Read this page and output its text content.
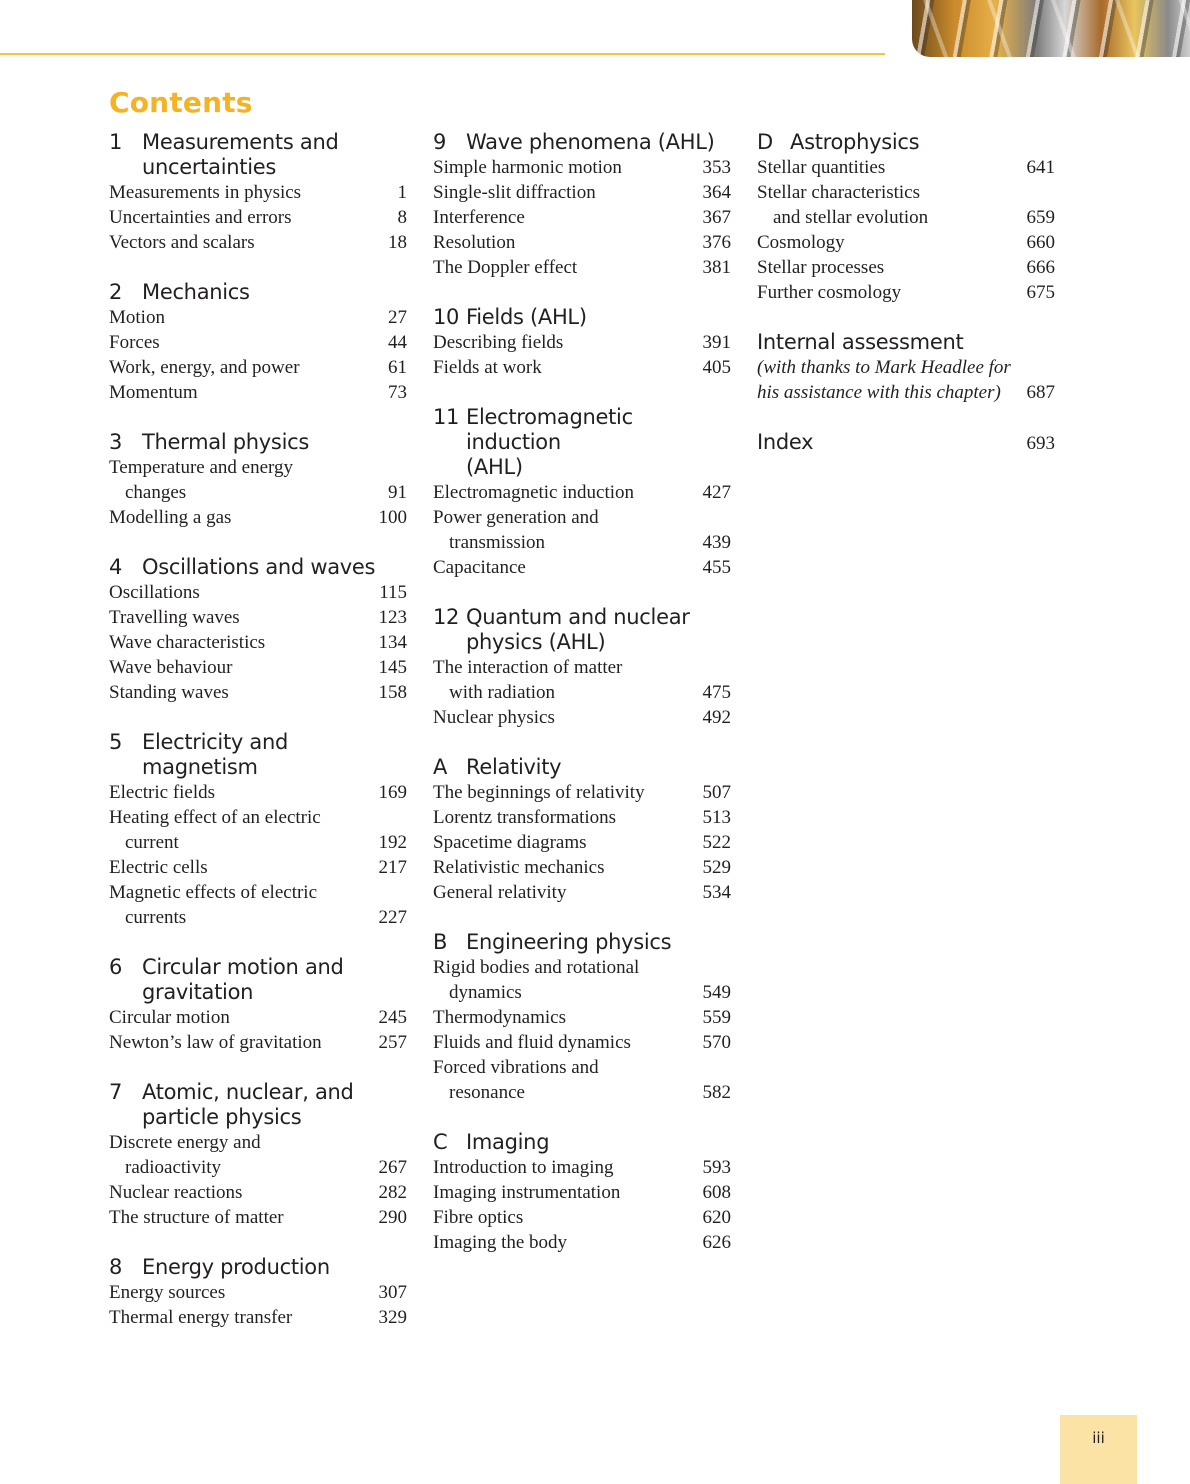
Contents
1 Measurements and
uncertainties
Measurements in physics	1
Uncertainties and errors	8
Vectors and scalars	18
2 Mechanics
Motion	27
Forces	44
Work, energy, and power	61
Momentum	73
3 Thermal physics
Temperature and energy
changes	91
Modelling a gas	100
4 Oscillations and waves
Oscillations	115
Travelling waves	123
Wave characteristics	134
Wave behaviour	145
Standing waves	158
5 Electricity and magnetism
Electric fields	169
Heating effect of an electric
current	192
Electric cells	217
Magnetic effects of electric
currents	227
6 Circular motion and
gravitation
Circular motion	245
Newton’s law of gravitation	257
7 Atomic, nuclear, and
particle physics
Discrete energy and
radioactivity	267
Nuclear reactions	282
The structure of matter	290
8 Energy production
Energy sources	307
Thermal energy transfer	329
9 Wave phenomena (AHL)
Simple harmonic motion	353
Single-slit diffraction	364
Interference	367
Resolution	376
The Doppler effect	381
10 Fields (AHL)
Describing fields	391
Fields at work	405
11 Electromagnetic induction
(AHL)
Electromagnetic induction	427
Power generation and
transmission	439
Capacitance	455
12 Quantum and nuclear
physics (AHL)
The interaction of matter
with radiation	475
Nuclear physics	492
A Relativity
The beginnings of relativity	507
Lorentz transformations	513
Spacetime diagrams	522
Relativistic mechanics	529
General relativity	534
B Engineering physics
Rigid bodies and rotational
dynamics	549
Thermodynamics	559
Fluids and fluid dynamics	570
Forced vibrations and
resonance	582
C Imaging
Introduction to imaging	593
Imaging instrumentation	608
Fibre optics	620
Imaging the body	626
D Astrophysics
Stellar quantities	641
Stellar characteristics
and stellar evolution	659
Cosmology	660
Stellar processes	666
Further cosmology	675
Internal assessment
(with thanks to Mark Headlee for
his assistance with this chapter)	687
Index	693
iii
